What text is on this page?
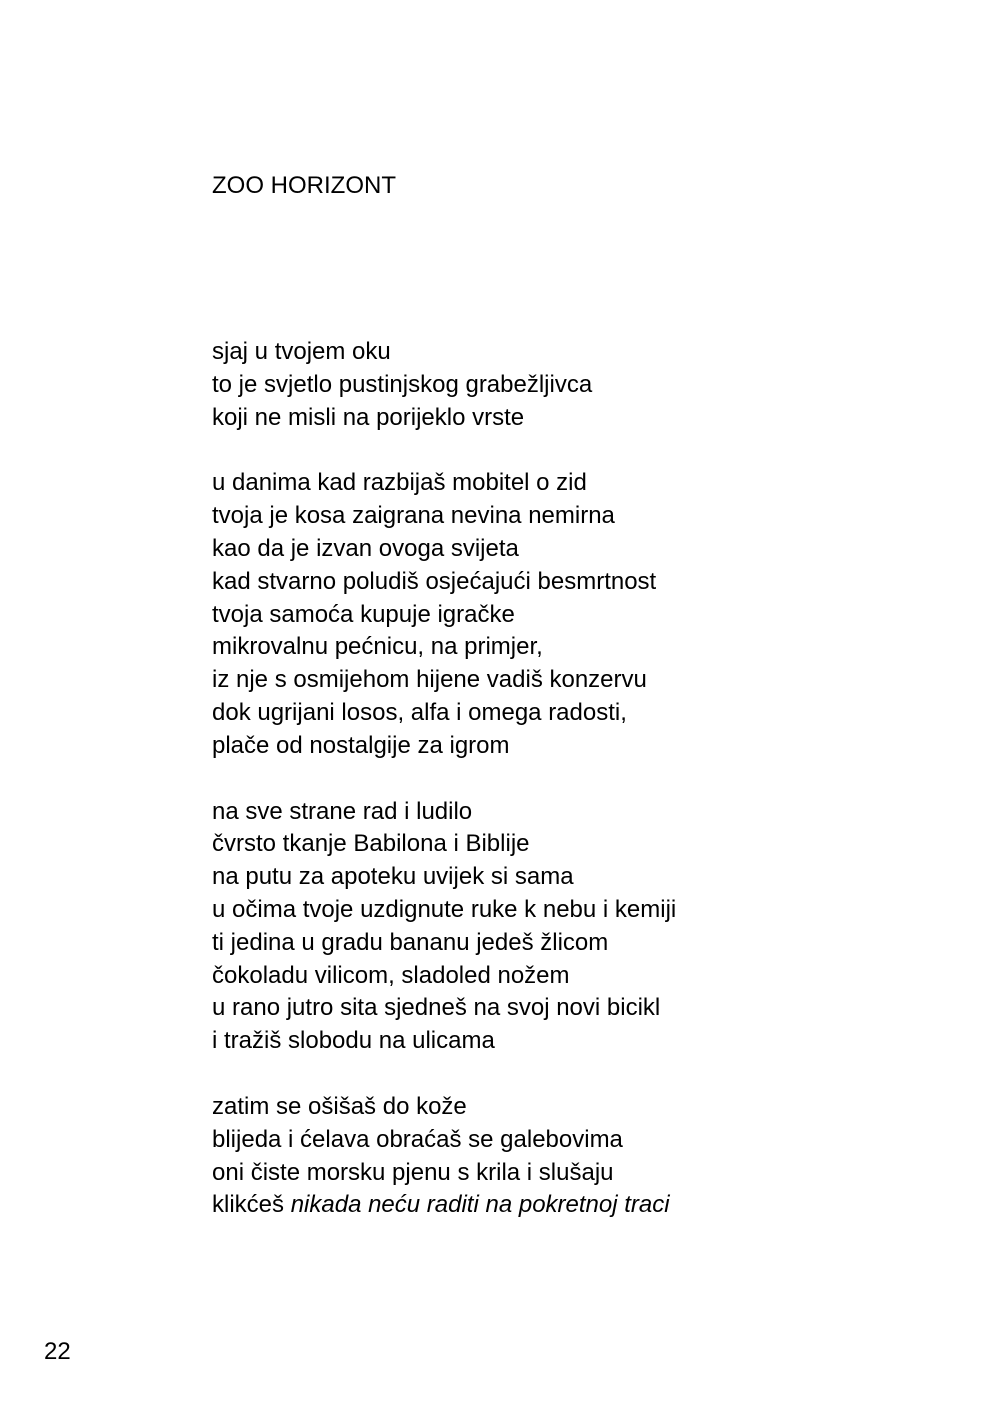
ZOO HORIZONT
sjaj u tvojem oku
to je svjetlo pustinjskog grabežljivca
koji ne misli na porijeklo vrste
u danima kad razbijaš mobitel o zid
tvoja je kosa zaigrana nevina nemirna
kao da je izvan ovoga svijeta
kad stvarno poludiš osjećajući besmrtnost
tvoja samoća kupuje igračke
mikrovalnu pećnicu, na primjer,
iz nje s osmijehom hijene vadiš konzervu
dok ugrijani losos, alfa i omega radosti,
plače od nostalgije za igrom
na sve strane rad i ludilo
čvrsto tkanje Babilona i Biblije
na putu za apoteku uvijek si sama
u očima tvoje uzdignute ruke k nebu i kemiji
ti jedina u gradu bananu jedeš žlicom
čokoladu vilicom, sladoled nožem
u rano jutro sita sjedneš na svoj novi bicikl
i tražiš slobodu na ulicama
zatim se ošišaš do kože
blijeda i ćelava obraćaš se galebovima
oni čiste morsku pjenu s krila i slušaju
klikćeš nikada neću raditi na pokretnoj traci
22
